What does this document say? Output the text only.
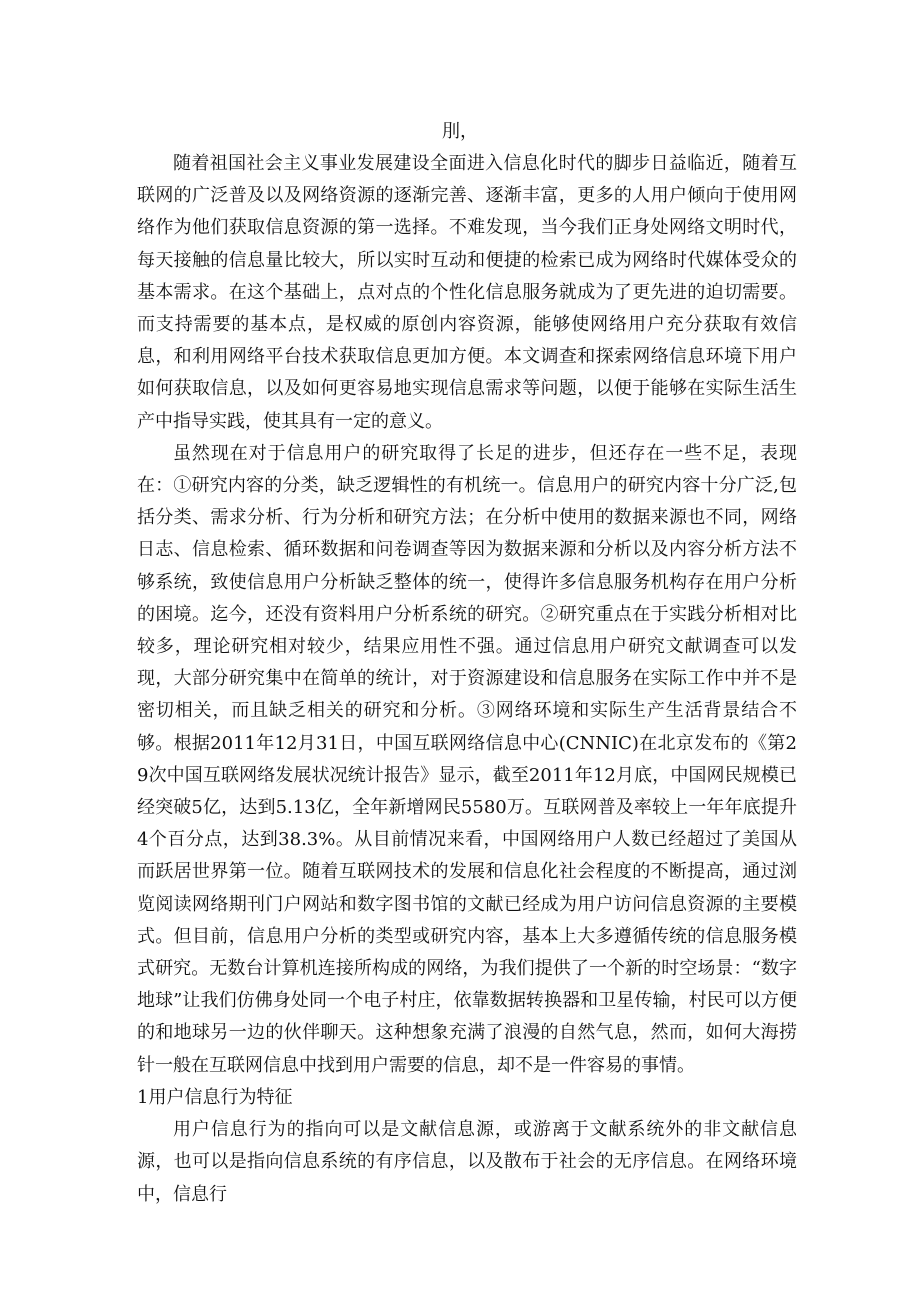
刖，

随着祖国社会主义事业发展建设全面进入信息化时代的脚步日益临近，随着互联网的广泛普及以及网络资源的逐渐完善、逐渐丰富，更多的人用户倾向于使用网络作为他们获取信息资源的第一选择。不难发现，当今我们正身处网络文明时代，每天接触的信息量比较大，所以实时互动和便捷的检索已成为网络时代媒体受众的基本需求。在这个基础上，点对点的个性化信息服务就成为了更先进的迫切需要。而支持需要的基本点，是权威的原创内容资源，能够使网络用户充分获取有效信息，和利用网络平台技术获取信息更加方便。本文调查和探索网络信息环境下用户如何获取信息，以及如何更容易地实现信息需求等问题，以便于能够在实际生活生产中指导实践，使其具有一定的意义。

虽然现在对于信息用户的研究取得了长足的进步，但还存在一些不足，表现在：①研究内容的分类，缺乏逻辑性的有机统一。信息用户的研究内容十分广泛,包括分类、需求分析、行为分析和研究方法；在分析中使用的数据来源也不同，网络日志、信息检索、循环数据和问卷调查等因为数据来源和分析以及内容分析方法不够系统，致使信息用户分析缺乏整体的统一，使得许多信息服务机构存在用户分析的困境。迄今，还没有资料用户分析系统的研究。②研究重点在于实践分析相对比较多，理论研究相对较少，结果应用性不强。通过信息用户研究文献调查可以发现，大部分研究集中在简单的统计，对于资源建设和信息服务在实际工作中并不是密切相关，而且缺乏相关的研究和分析。③网络环境和实际生产生活背景结合不够。根据2011年12月31日，中国互联网络信息中心(CNNIC)在北京发布的《第29次中国互联网络发展状况统计报告》显示，截至2011年12月底，中国网民规模已经突破5亿，达到5.13亿，全年新增网民5580万。互联网普及率较上一年年底提升4个百分点，达到38.3%。从目前情况来看，中国网络用户人数已经超过了美国从而跃居世界第一位。随着互联网技术的发展和信息化社会程度的不断提高，通过浏览阅读网络期刊门户网站和数字图书馆的文献已经成为用户访问信息资源的主要模式。但目前，信息用户分析的类型或研究内容，基本上大多遵循传统的信息服务模式研究。无数台计算机连接所构成的网络，为我们提供了一个新的时空场景：“数字地球”让我们仿佛身处同一个电子村庄，依靠数据转换器和卫星传输，村民可以方便的和地球另一边的伙伴聊天。这种想象充满了浪漫的自然气息，然而，如何大海捞针一般在互联网信息中找到用户需要的信息，却不是一件容易的事情。

1用户信息行为特征

用户信息行为的指向可以是文献信息源，或游离于文献系统外的非文献信息源，也可以是指向信息系统的有序信息，以及散布于社会的无序信息。在网络环境中，信息行
